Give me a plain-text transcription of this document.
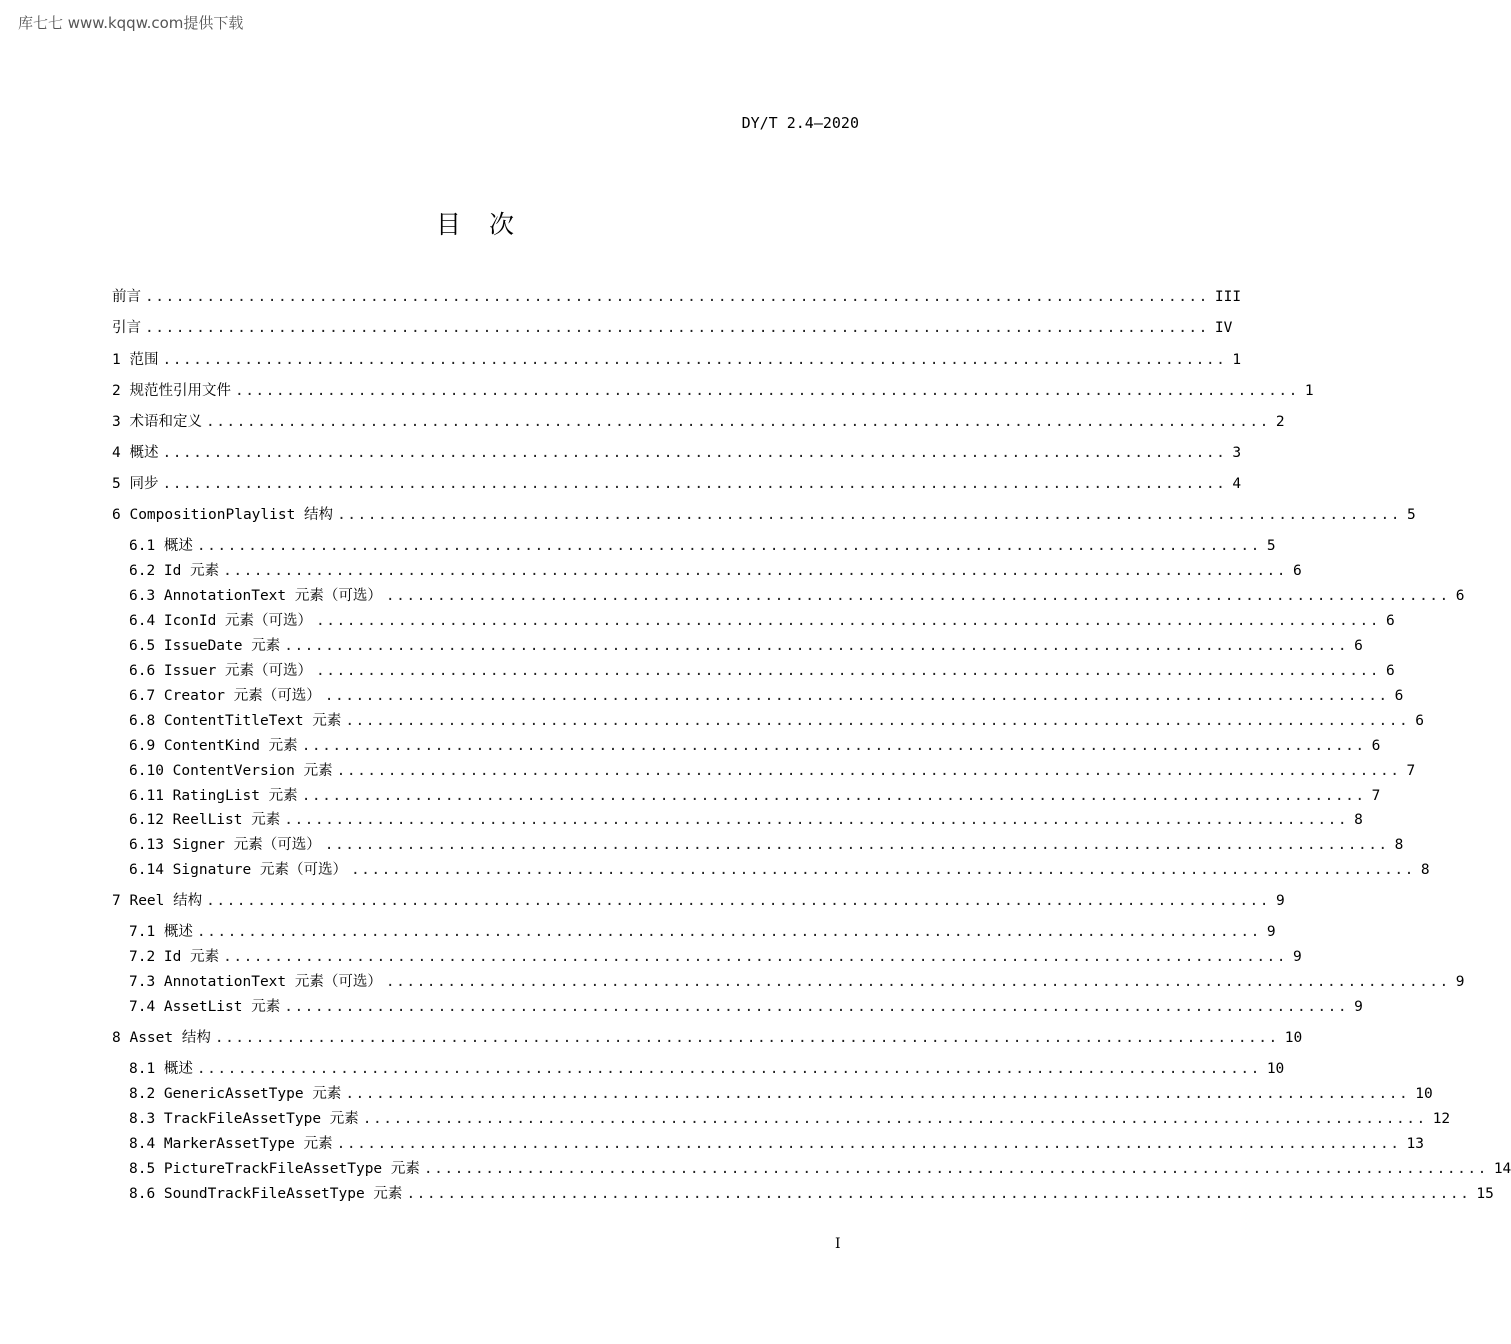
库七七 www.kqqw.com提供下载
DY/T 2.4—2020
目次
前言 ........................................................................................................ III
引言 ........................................................................................................ IV
1 范围 ........................................................................................................ 1
2 规范性引用文件 ........................................................................................................ 1
3 术语和定义 ........................................................................................................ 2
4 概述 ........................................................................................................ 3
5 同步 ........................................................................................................ 4
6 CompositionPlaylist 结构 ........................................................................................................ 5
6.1 概述 ........................................................................................................ 5
6.2 Id 元素 ........................................................................................................ 6
6.3 AnnotationText 元素（可选） ........................................................................................................ 6
6.4 IconId 元素（可选） ........................................................................................................ 6
6.5 IssueDate 元素 ........................................................................................................ 6
6.6 Issuer 元素（可选） ........................................................................................................ 6
6.7 Creator 元素（可选） ........................................................................................................ 6
6.8 ContentTitleText 元素 ........................................................................................................ 6
6.9 ContentKind 元素 ........................................................................................................ 6
6.10 ContentVersion 元素 ........................................................................................................ 7
6.11 RatingList 元素 ........................................................................................................ 7
6.12 ReelList 元素 ........................................................................................................ 8
6.13 Signer 元素（可选） ........................................................................................................ 8
6.14 Signature 元素（可选） ........................................................................................................ 8
7 Reel 结构 ........................................................................................................ 9
7.1 概述 ........................................................................................................ 9
7.2 Id 元素 ........................................................................................................ 9
7.3 AnnotationText 元素（可选） ........................................................................................................ 9
7.4 AssetList 元素 ........................................................................................................ 9
8 Asset 结构 ........................................................................................................ 10
8.1 概述 ........................................................................................................ 10
8.2 GenericAssetType 元素 ........................................................................................................ 10
8.3 TrackFileAssetType 元素 ........................................................................................................ 12
8.4 MarkerAssetType 元素 ........................................................................................................ 13
8.5 PictureTrackFileAssetType 元素 ........................................................................................................ 14
8.6 SoundTrackFileAssetType 元素 ........................................................................................................ 15
I
